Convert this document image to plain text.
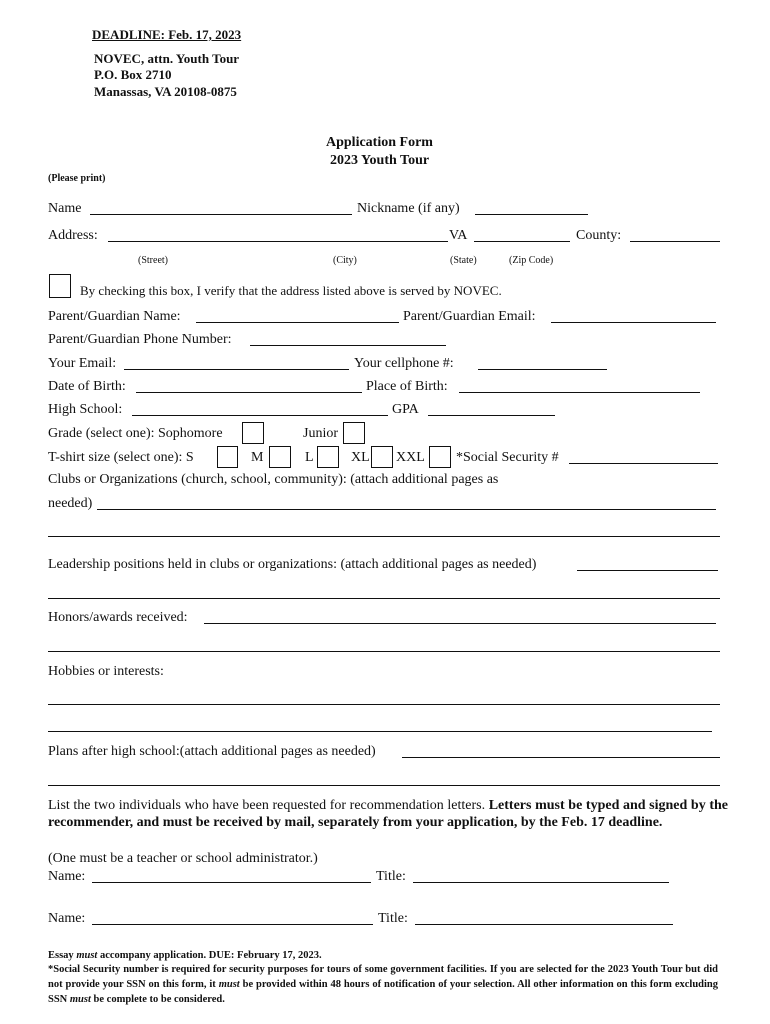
DEADLINE: Feb. 17, 2023
NOVEC, attn. Youth Tour
P.O. Box 2710
Manassas, VA 20108-0875
Application Form
2023 Youth Tour
(Please print)
Name	Nickname (if any)
Address:	VA	County:
(Street)	(City)	(State)	(Zip Code)
By checking this box, I verify that the address listed above is served by NOVEC.
Parent/Guardian Name:	Parent/Guardian Email:
Parent/Guardian Phone Number:
Your Email:	Your cellphone #:
Date of Birth:	Place of Birth:
High School:	GPA
Grade (select one): Sophomore	Junior
T-shirt size (select one): S	M	L	XL XXL *Social Security #
Clubs or Organizations (church, school, community): (attach additional pages as
needed)
Leadership positions held in clubs or organizations: (attach additional pages as needed)
Honors/awards received:
Hobbies or interests:
Plans after high school:(attach additional pages as needed)
List the two individuals who have been requested for recommendation letters. Letters must be typed and signed by the recommender, and must be received by mail, separately from your application, by the Feb. 17 deadline.
(One must be a teacher or school administrator.)
Name:	Title:
Name:	Title:
Essay must accompany application. DUE: February 17, 2023.
*Social Security number is required for security purposes for tours of some government facilities. If you are selected for the 2023 Youth Tour but did not provide your SSN on this form, it must be provided within 48 hours of notification of your selection. All other information on this form excluding SSN must be complete to be considered.
